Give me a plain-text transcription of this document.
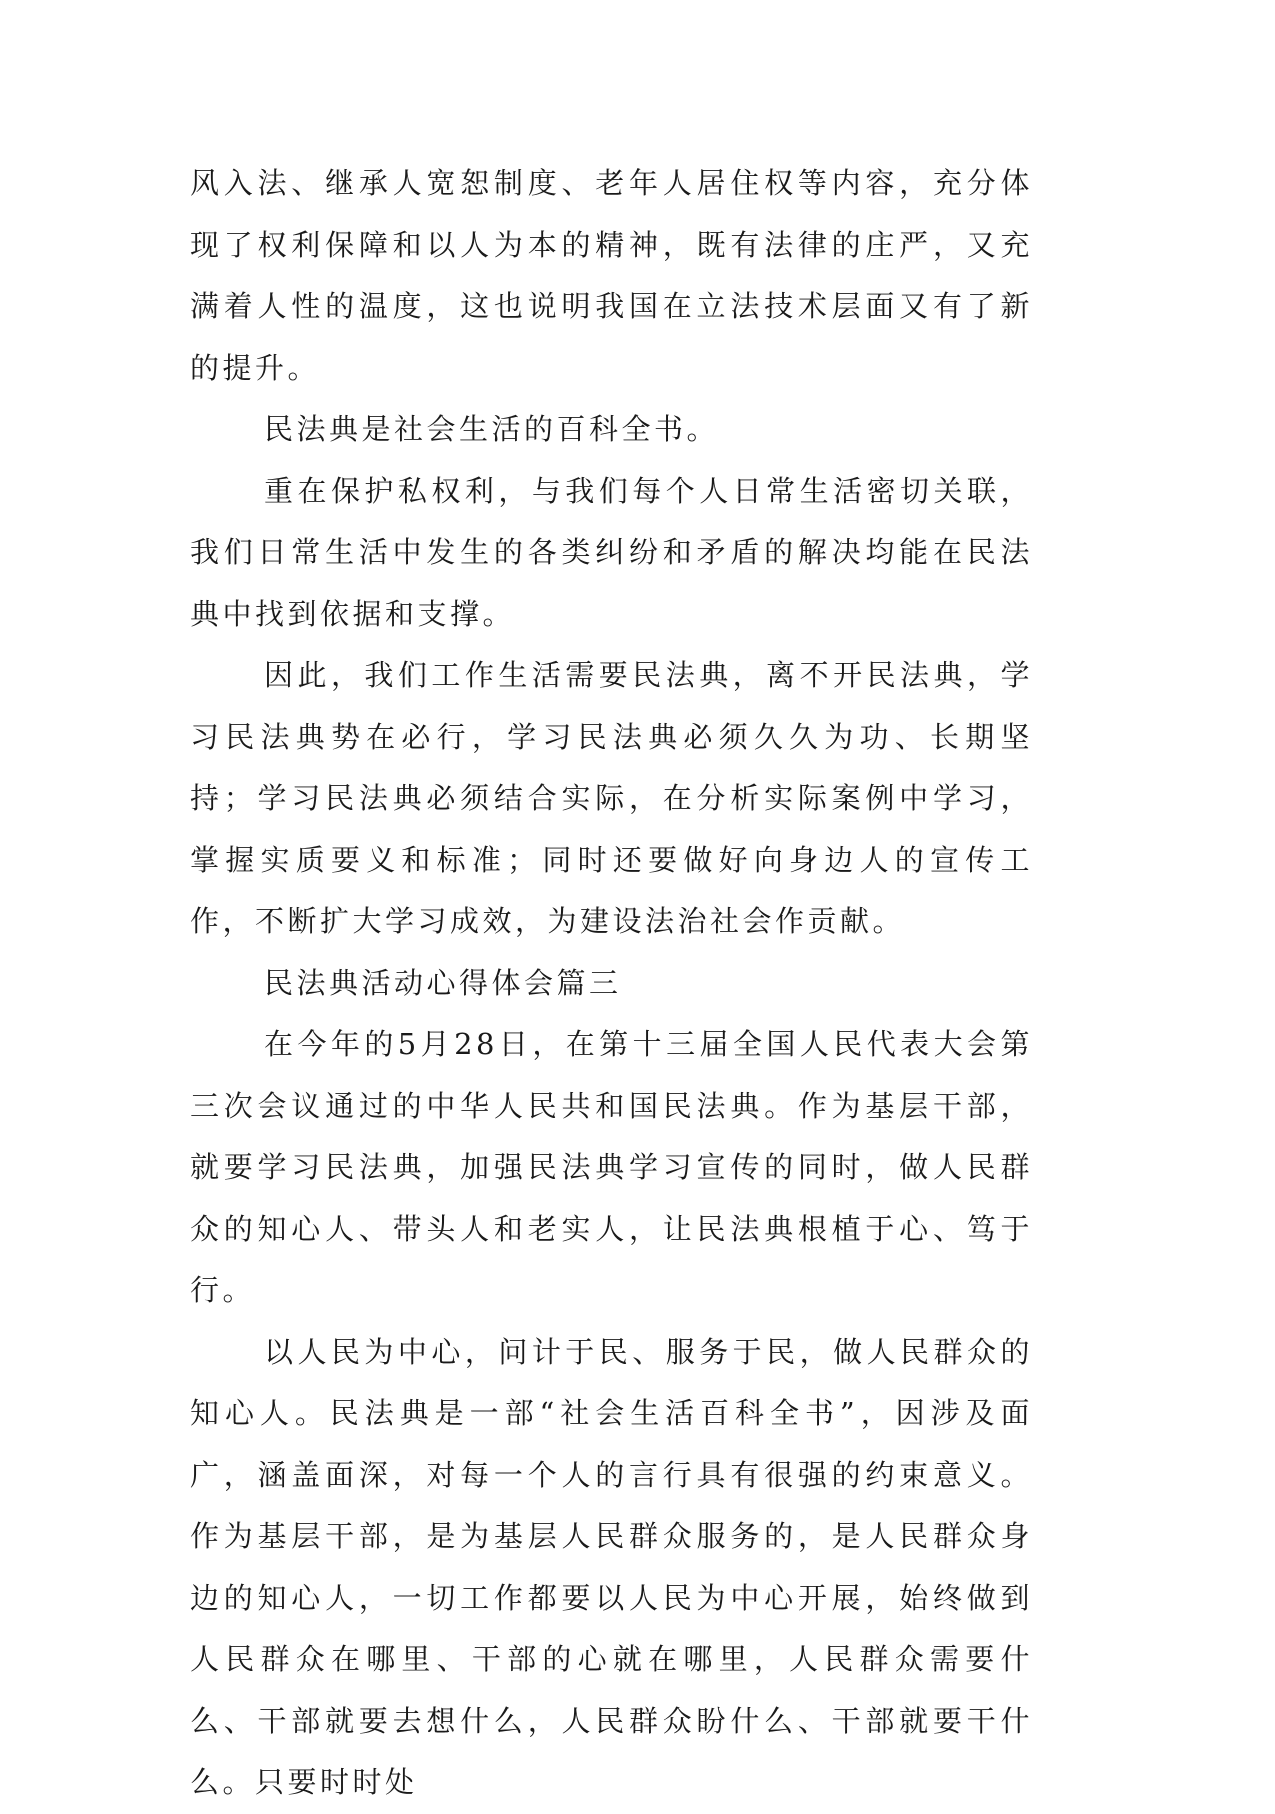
风入法、继承人宽恕制度、老年人居住权等内容，充分体现了权利保障和以人为本的精神，既有法律的庄严，又充满着人性的温度，这也说明我国在立法技术层面又有了新的提升。

民法典是社会生活的百科全书。

重在保护私权利，与我们每个人日常生活密切关联，我们日常生活中发生的各类纠纷和矛盾的解决均能在民法典中找到依据和支撑。

因此，我们工作生活需要民法典，离不开民法典，学习民法典势在必行，学习民法典必须久久为功、长期坚持；学习民法典必须结合实际，在分析实际案例中学习，掌握实质要义和标准；同时还要做好向身边人的宣传工作，不断扩大学习成效，为建设法治社会作贡献。

民法典活动心得体会篇三

在今年的5月28日，在第十三届全国人民代表大会第三次会议通过的中华人民共和国民法典。作为基层干部，就要学习民法典，加强民法典学习宣传的同时，做人民群众的知心人、带头人和老实人，让民法典根植于心、笃于行。

以人民为中心，问计于民、服务于民，做人民群众的知心人。民法典是一部“社会生活百科全书”，因涉及面广，涵盖面深，对每一个人的言行具有很强的约束意义。作为基层干部，是为基层人民群众服务的，是人民群众身边的知心人，一切工作都要以人民为中心开展，始终做到人民群众在哪里、干部的心就在哪里，人民群众需要什么、干部就要去想什么，人民群众盼什么、干部就要干什么。只要时时处
